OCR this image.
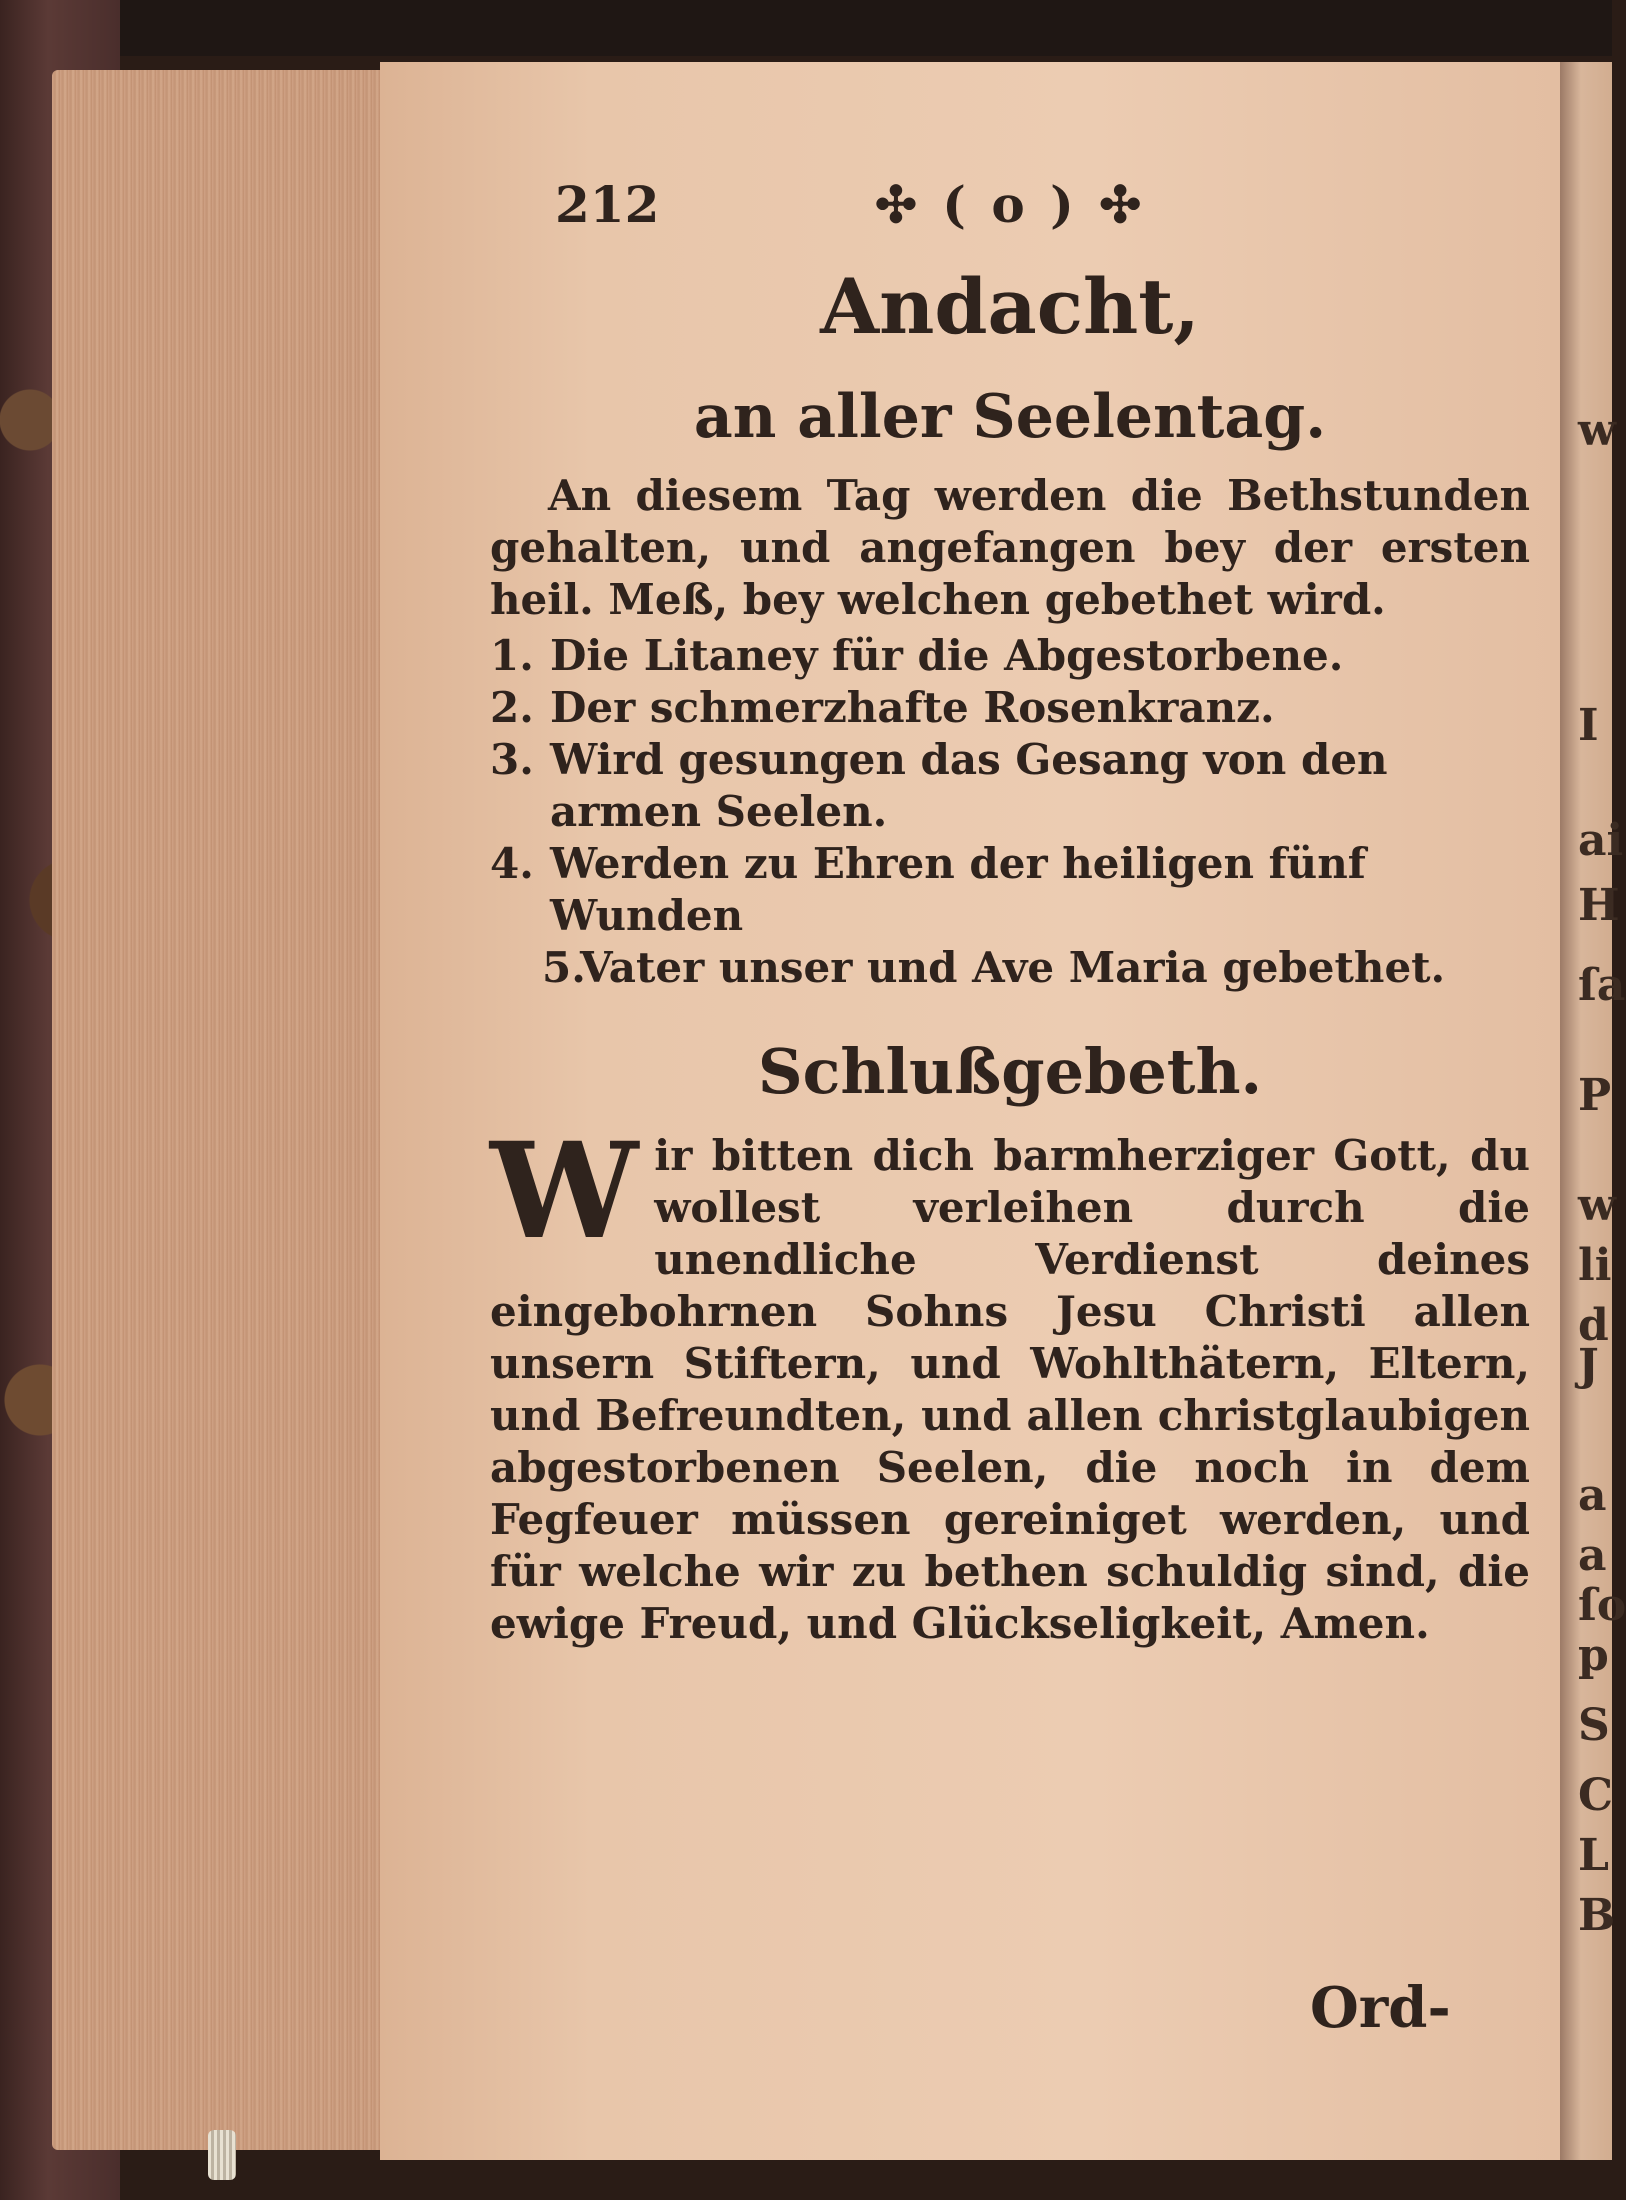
212	✣ ( o ) ✣
Andacht,
an aller Seelentag.
An diesem Tag werden die Bethstunden gehalten, und angefangen bey der ersten heil. Meß, bey welchen gebethet wird.
1. Die Litaney für die Abgestorbene.
2. Der schmerzhafte Rosenkranz.
3. Wird gesungen das Gesang von den armen Seelen.
4. Werden zu Ehren der heiligen fünf Wunden
5.
Vater unser und Ave Maria gebethet.
Schlußgebeth.
Wir bitten dich barmherziger Gott, du wollest verleihen durch die unendliche Verdienst deines eingebohrnen Sohns Jesu Christi allen unsern Stiftern, und Wohlthätern, Eltern, und Befreundten, und allen christglaubigen abgestorbenen Seelen, die noch in dem Fegfeuer müssen gereiniget werden, und für welche wir zu bethen schuldig sind, die ewige Freud, und Glückseligkeit, Amen.
Ord-
w
I
ai
H
ſa
P
w
li
d
J
a
a
ſo
p
S
C
L
B
